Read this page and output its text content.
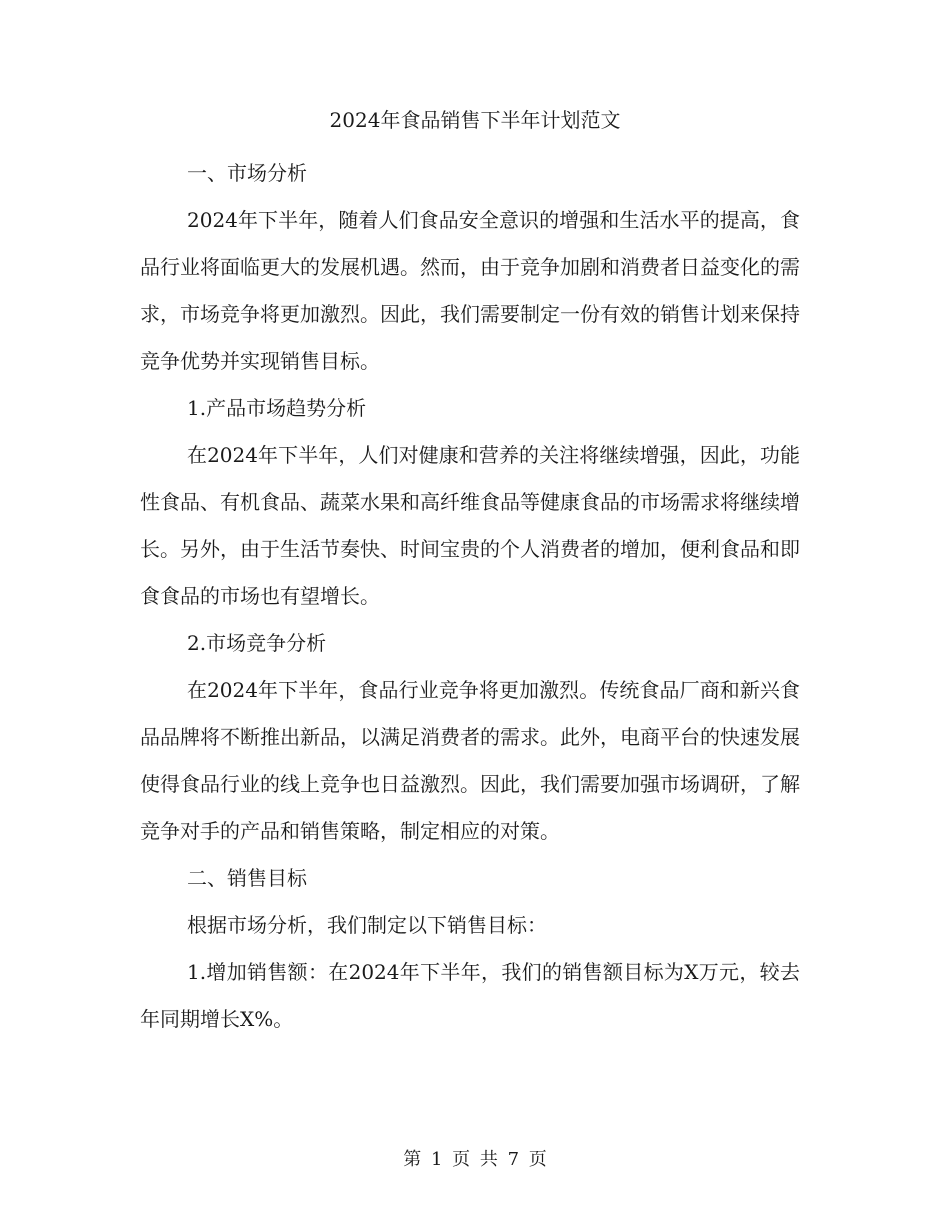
2024年食品销售下半年计划范文

一、市场分析

2024年下半年，随着人们食品安全意识的增强和生活水平的提高，食品行业将面临更大的发展机遇。然而，由于竞争加剧和消费者日益变化的需求，市场竞争将更加激烈。因此，我们需要制定一份有效的销售计划来保持竞争优势并实现销售目标。

1.产品市场趋势分析

在2024年下半年，人们对健康和营养的关注将继续增强，因此，功能性食品、有机食品、蔬菜水果和高纤维食品等健康食品的市场需求将继续增长。另外，由于生活节奏快、时间宝贵的个人消费者的增加，便利食品和即食食品的市场也有望增长。

2.市场竞争分析

在2024年下半年，食品行业竞争将更加激烈。传统食品厂商和新兴食品品牌将不断推出新品，以满足消费者的需求。此外，电商平台的快速发展使得食品行业的线上竞争也日益激烈。因此，我们需要加强市场调研，了解竞争对手的产品和销售策略，制定相应的对策。

二、销售目标

根据市场分析，我们制定以下销售目标：

1.增加销售额：在2024年下半年，我们的销售额目标为X万元，较去年同期增长X%。

第 1 页 共 7 页
